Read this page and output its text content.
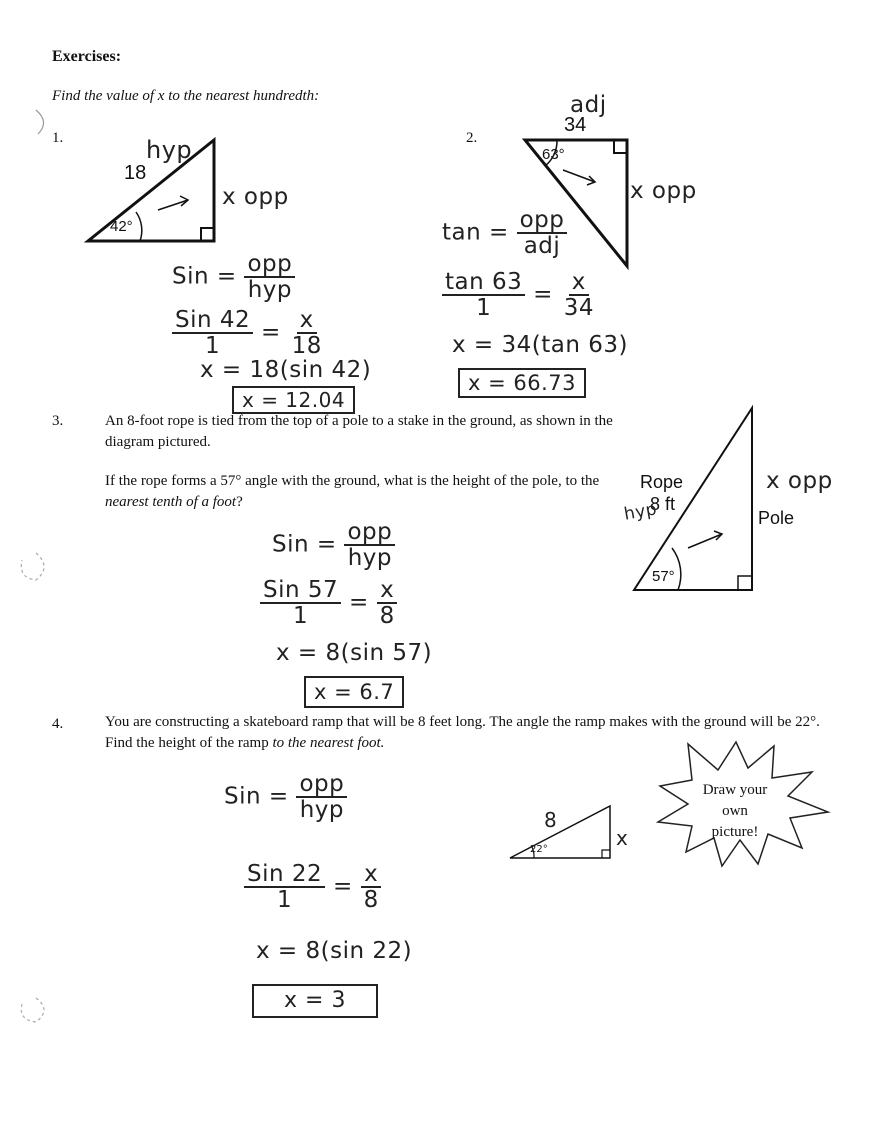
Exercises:
Find the value of x to the nearest hundredth:
1.
18
hyp
42°
x opp
Sin = $\frac{\text{opp}}{\text{hyp}}$
$\frac{\text{Sin 42}}{1} = \frac{x}{18}$
x = 18(sin 42)
x = 12.04
2.
adj
34
63°
x opp
$\tan = \frac{\text{opp}}{\text{adj}}$
$\frac{\tan 63}{1} = \frac{x}{34}$
x = 34(tan 63)
x = 66.73
3.	An 8-foot rope is tied from the top of a pole to a stake in the ground, as shown in the diagram pictured.
If the rope forms a 57° angle with the ground, what is the height of the pole, to the nearest tenth of a foot?
Rope
8 ft
hyp	Pole
x opp
57°
Sin = $\frac{\text{opp}}{\text{hyp}}$
$\frac{\text{Sin 57}}{1} = \frac{x}{8}$
x = 8(sin 57)
x = 6.7
4.	You are constructing a skateboard ramp that will be 8 feet long. The angle the ramp makes with the ground will be 22°. Find the height of the ramp to the nearest foot.
Sin = $\frac{\text{opp}}{\text{hyp}}$
$\frac{\text{Sin 22}}{1} = \frac{x}{8}$
x = 8(sin 22)
x = 3
8
x
22°
Draw your
own
picture!
